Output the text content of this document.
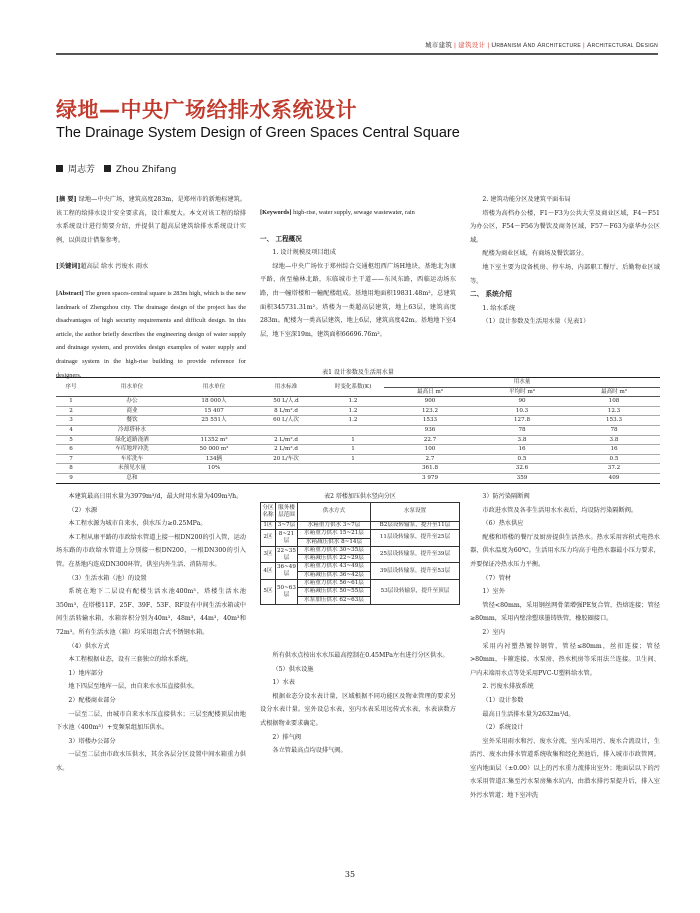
城市建筑 | 建筑设计 | Urbanism And Architecture | Architectural Design
绿地—中央广场给排水系统设计
The Drainage System Design of Green Spaces Central Square
周志芳 Zhou Zhifang

[摘 要] 绿地—中央广场，建筑高度283m，是郑州市的新地标建筑。该工程的给排水设计安全要求高，设计难度大。本文对该工程的给排水系统设计进行简要介绍，并提供了超高层建筑给排水系统设计实例，以供设计借鉴参考。

[关键词]超高层 给水 污废水 雨水

[Abstract] The green spaces-central square is 283m high, which is the new landmark of Zhengzhou city. The drainage design of the project has the disadvantages of high security requirements and difficult design. In this article, the author briefly describes the engineering design of water supply and drainage system, and provides design examples of water supply and drainage system in the high-rise building to provide reference for designers.

[Keywords] high-rise, water supply, sewage wastewater, rain

一、 工程概况

1. 设计规模及项目组成

绿地—中央广场位于郑州综合交通枢纽西广场H地块，基地北为康平路，南至榆林北路，东临城市主干道——东风东路，西临运动场东路，由一幢塔楼和一幢配楼组成。基地用地面积19831.48m²，总建筑面积345731.31m²。塔楼为一类超高层建筑，地上63层，建筑高度283m。配楼为一类高层建筑，地上6层，建筑高度42m。基地地下室4层，地下室深19m，建筑面积66696.76m²。

2. 建筑功能分区及建筑平面布局

塔楼为高档办公楼，F1～F3为公共大堂及商业区域，F4～F51为办公区，F54～F56为餐饮及商务区域，F57～F63为豪华办公区域。

配楼为商业区域，有商场及餐饮部分。

地下室主要为设备机房、停车场、内部职工餐厅、后勤物业区域等。

二、 系统介绍

1. 给水系统

（1）设计参数及生活用水量（见表1）

表1 设计参数及生活用水量
序号	用水单位	用水单位	用水标准	时变化系数(K)	用水量		
					最高日 m³	平均时 m³	最高时 m³
1	办公	18 000人	50 L/人.d	1.2	900	90	108
2	商业	15 407	8 L/m².d	1.2	123.2	10.3	12.3
3	餐饮	25 551人	60 L/人次	1.2	1533	127.8	153.3
4	冷却塔补水				936	78	78
5	绿化道路浇洒	11352 m²	2 L/m².d	1	22.7	3.8	3.8
6	车库地坪冲洗	50 000 m²	2 L/m².d	1	100	16	16
7	车库洗车	134辆	20 L/车次	1	2.7	0.5	0.5
8	未预见水量	10%			361.8	32.6	37.2
9	总和				3 979	359	409

本建筑最高日用水量为3979m³/d，最大时用水量为409m³/h。

（2）水源

本工程水源为城市自来水，供水压力≥0.25MPa。

本工程从康平路的市政给水管道上接一根DN200的引入管，运动场东路的市政给水管道上分别接一根DN200、一根DN300的引入管。在基地内连成DN300环管，供室内外生活、消防用水。

（3）生活水箱（池）的设置

系统在地下二层设有配楼生活水池400m³，塔楼生活水池350m³，在塔楼11F、25F、39F、53F、RF设有中间生活水箱或中间生活转输水箱，水箱容积分别为40m³，48m³，44m³，40m³和72m³。所有生活水池（箱）均采用组合式不锈钢水箱。

（4）供水方式

本工程根据业态，设有三套独立的给水系统。

1）地库部分

地下四层至地库一层，由自来水水压直接供水。

2）配楼商业部分

一层至二层，由城市自来水水压直接供水；三层至配楼顶层由地下水池（400m³）+变频泵组加压供水。

3）塔楼办公部分

一层至二层由市政水压供水，其余各层分区设置中间水箱重力供水。

表2 塔楼加压供水竖向分区
分区名称	服务楼层范围	供水方式	水泵设置
1区	3~7层	水箱重力供水 3~7层	B2层设转输泵，提升至11层
2区	8~21层	水箱重力供水 15~21层	11层设转输泵，提升至25层
		水箱减压供水 8~14层	
3区	22~35层	水箱重力供水 30~35层	25层设转输泵，提升至39层
		水箱减压供水 22~29层	
4区	36~49层	水箱重力供水 43~49层	39层设转输泵，提升至53层
		水箱减压供水 36~42层	
5区	50~63层	水箱重力供水 56~61层	53层设转输泵，提升至顶层
		水箱减压供水 50~55层	
		水泵加压供水 62~63层	

所有供水点按出水水压最高控制在0.45MPa左右进行分区供水。

（5）供水设施

1）水表

根据业态分设水表计量，区域根据不同功能区及物业管理的要求另设分水表计量。室外设总水表，室内水表采用远传式水表，水表读数方式根据物业要求确定。

2）排气阀

各立管最高点均设排气阀。

3）防污染隔断阀

市政进水管及各非生活用水水表后，均设防污染隔断阀。

（6）热水供应

配楼和塔楼的餐厅及厨房提供生活热水。热水采用容积式电热水器，供水温度为60℃。生活用水压力均高于电热水器最小压力要求，并要保证冷热水压力平衡。

（7）管材

1）室外

管径<80mm，采用钢丝网骨架增强PE复合管，热熔连接；管径≥80mm，采用内壁涂塑球墨铸铁管，橡胶圈接口。

2）室内

采用内衬塑热镀锌钢管，管径≤80mm，丝扣连接；管径>80mm，卡箍连接。水泵房、热水机房等采用法兰连接。卫生间、户内末端用水点等处采用PVC-U塑料给水管。

2. 污废水排放系统

（1）设计参数

最高日生活排水量为2632m³/d。

（2）系统设计

室外采用雨水和污、废水分流，室内采用污、废水合流设计，生活污、废水由排水管道系统收集和经化粪池后，排入城市市政管网。室内地面层（±0.00）以上的污水重力流排出室外；地面层以下的污水采用管道汇集至污水泵房集水坑内，由潜水排污泵提升后，排入室外污水管道；地下室冲洗

35
